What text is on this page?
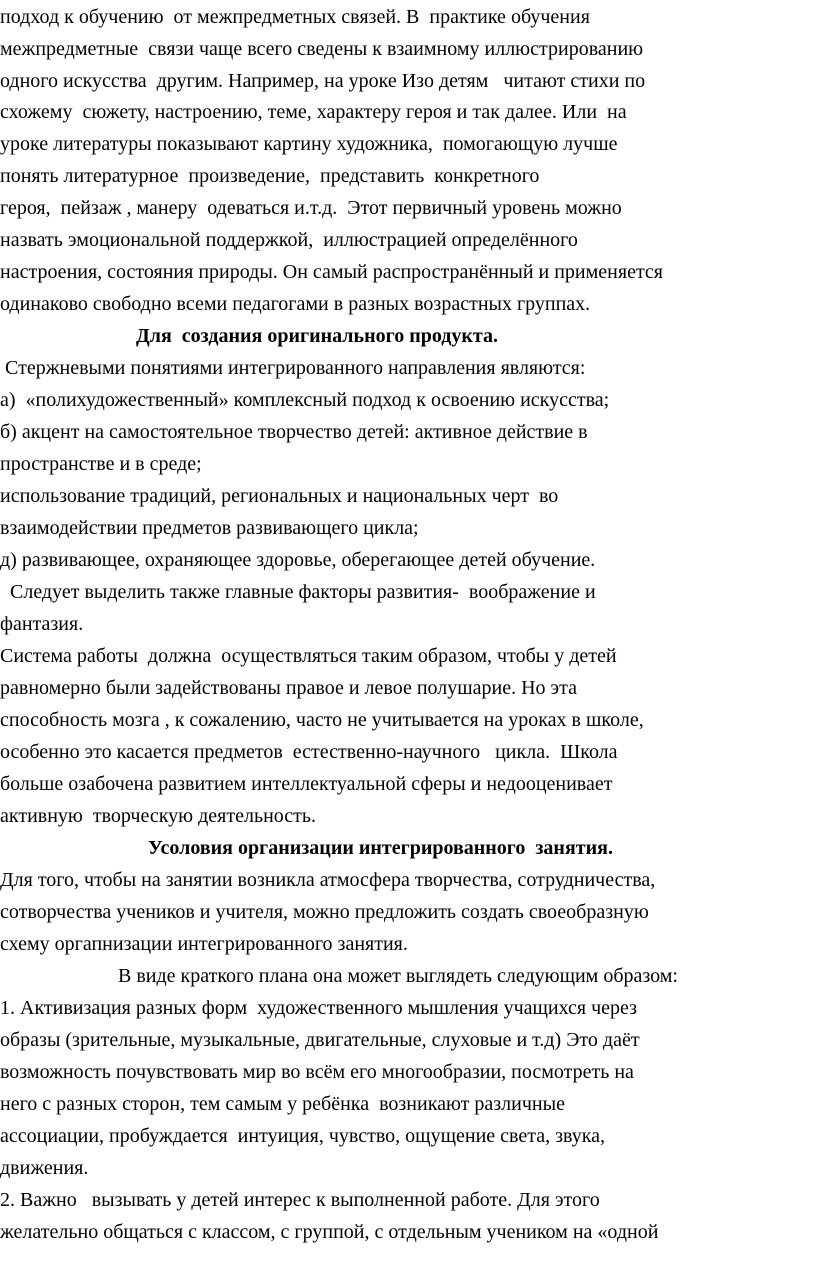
подход к обучению  от межпредметных связей. В  практике обучения
межпредметные  связи чаще всего сведены к взаимному иллюстрированию
одного искусства  другим. Например, на уроке Изо детям   читают стихи по
схожему  сюжету, настроению, теме, характеру героя и так далее. Или  на
уроке литературы показывают картину художника,  помогающую лучше
понять литературное  произведение,  представить  конкретного
героя,  пейзаж , манеру  одеваться и.т.д.  Этот первичный уровень можно
назвать эмоциональной поддержкой,  иллюстрацией определённого
настроения, состояния природы. Он самый распространённый и применяется
одинаково свободно всеми педагогами в разных возрастных группах.
Для  создания оригинального продукта.
Стержневыми понятиями интегрированного направления являются:
а)  «полихудожественный» комплексный подход к освоению искусства;
б) акцент на самостоятельное творчество детей: активное действие в
пространстве и в среде;
использование традиций, региональных и национальных черт  во
взаимодействии предметов развивающего цикла;
д) развивающее, охраняющее здоровье, оберегающее детей обучение.
Следует выделить также главные факторы развития-  воображение и
фантазия.
Система работы  должна  осуществляться таким образом, чтобы у детей
равномерно были задействованы правое и левое полушарие. Но эта
способность мозга , к сожалению, часто не учитывается на уроках в школе,
особенно это касается предметов  естественно-научного   цикла.  Школа
больше озабочена развитием интеллектуальной сферы и недооценивает
активную  творческую деятельность.
Усоловия организации интегрированного  занятия.
Для того, чтобы на занятии возникла атмосфера творчества, сотрудничества,
сотворчества учеников и учителя, можно предложить создать своеобразную
схему оргапнизации интегрированного занятия.
В виде краткого плана она может выглядеть следующим образом:
1. Активизация разных форм  художественного мышления учащихся через
образы (зрительные, музыкальные, двигательные, слуховые и т.д) Это даёт
возможность почувствовать мир во всём его многообразии, посмотреть на
него с разных сторон, тем самым у ребёнка  возникают различные
ассоциации, пробуждается  интуиция, чувство, ощущение света, звука,
движения.
2. Важно   вызывать у детей интерес к выполненной работе. Для этого
желательно общаться с классом, с группой, с отдельным учеником на «одной
